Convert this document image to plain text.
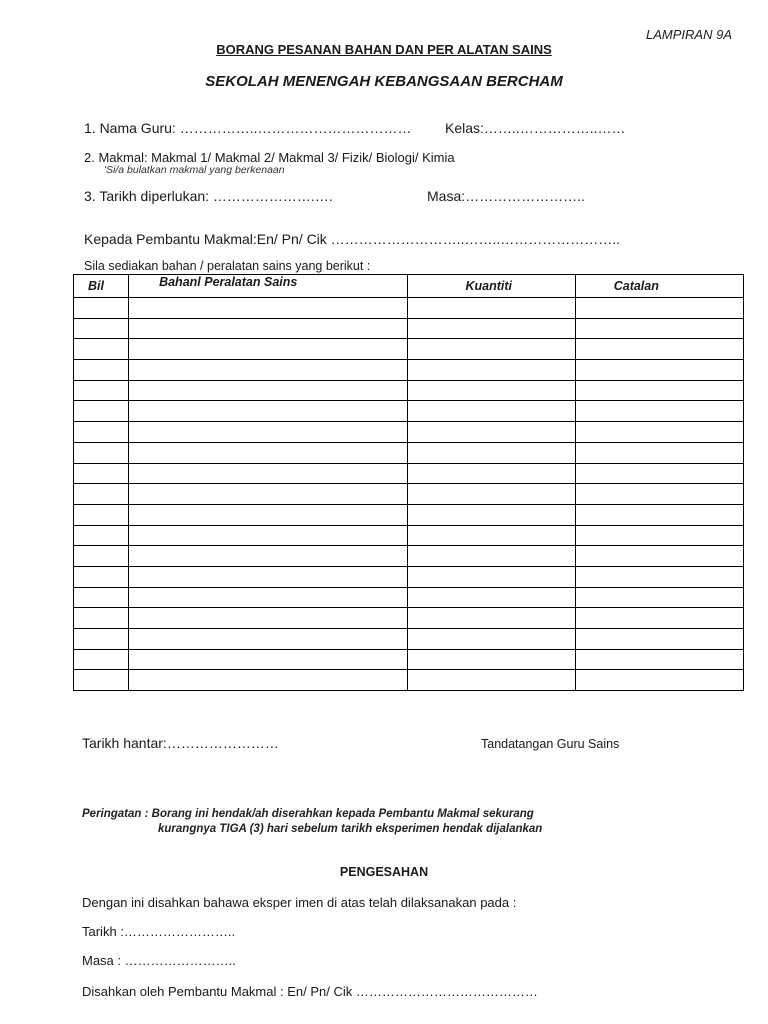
LAMPIRAN 9A
BORANG PESANAN BAHAN DAN PER ALATAN SAINS
SEKOLAH MENENGAH KEBANGSAAN BERCHAM
1. Nama Guru: ……………..…………………………… Kelas:……..……………..……
2. Makmal: Makmal 1/ Makmal 2/ Makmal 3/ Fizik/ Biologi/ Kimia
'Si/a bulatkan makmal yang berkenaan
3. Tarikh diperlukan: ………………….….	Masa:……………………..
Kepada Pembantu Makmal:En/ Pn/ Cik ………………………..……..……………………..
Sila sediakan bahan / peralatan sains yang berikut :
Bil	Bahanl Peralatan Sains	Kuantiti	Catalan

Tarikh hantar:……………………	Tandatangan Guru Sains
Peringatan : Borang ini hendak/ah diserahkan kepada Pembantu Makmal sekurang
kurangnya TIGA (3) hari sebelum tarikh eksperimen hendak dijalankan
PENGESAHAN
Dengan ini disahkan bahawa eksper imen di atas telah dilaksanakan pada :
Tarikh :……………………..
Masa : ……………………..
Disahkan oleh Pembantu Makmal : En/ Pn/ Cik ……………………………………
